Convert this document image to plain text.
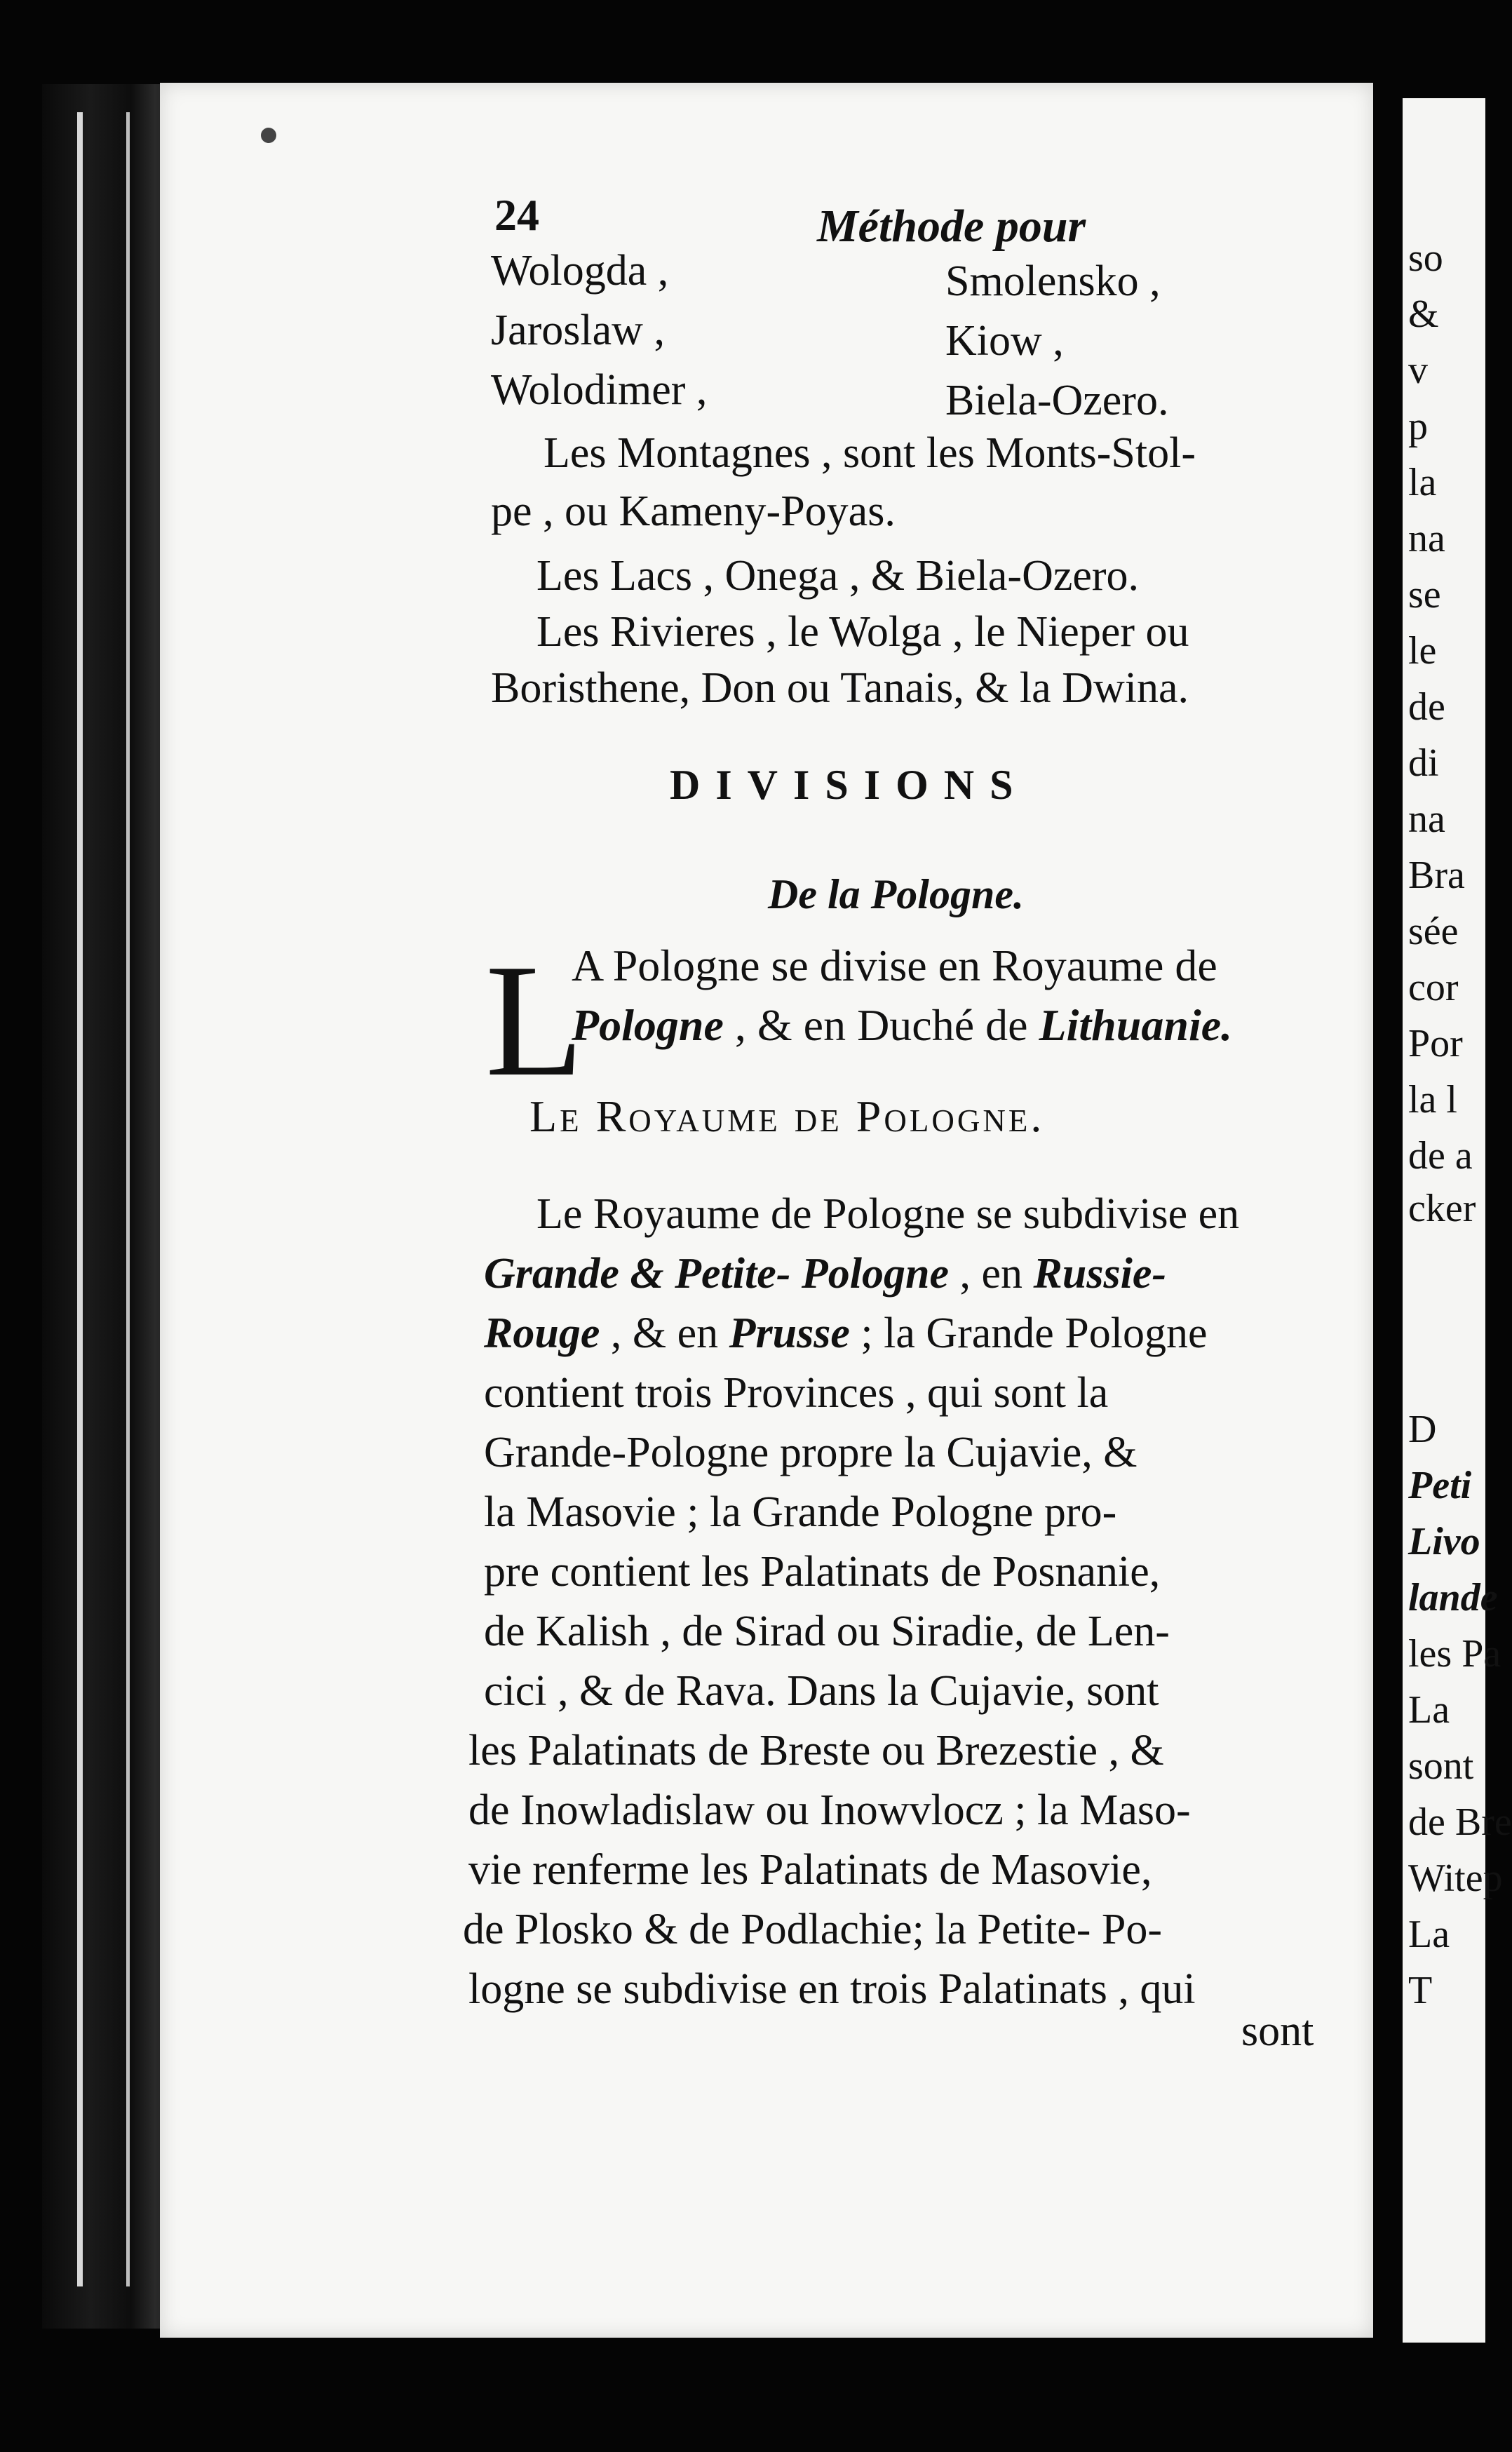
24	Méthode pour
Wologda ,
Jaroslaw ,
Wolodimer ,
Smolensko ,
Kiow ,
Biela-Ozero.
Les Montagnes , sont les Monts-Stol-
pe , ou Kameny-Poyas.
Les Lacs , Onega , & Biela-Ozero.
Les Rivieres , le Wolga , le Nieper ou
Boristhene, Don ou Tanais, & la Dwina.
DIVISIONS
De la Pologne.
L
A Pologne se divise en Royaume de
Pologne , & en Duché de Lithuanie.
Le Royaume de Pologne.
Le Royaume de Pologne se subdivise en
Grande & Petite- Pologne , en Russie-
Rouge , & en Prusse ; la Grande Pologne
contient trois Provinces , qui sont la
Grande-Pologne propre la Cujavie, &
la Masovie ; la Grande Pologne pro-
pre contient les Palatinats de Posnanie,
de Kalish , de Sirad ou Siradie, de Len-
cici , & de Rava. Dans la Cujavie, sont
les Palatinats de Breste ou Brezestie , &
de Inowladislaw ou Inowvlocz ; la Maso-
vie renferme les Palatinats de Masovie,
de Plosko & de Podlachie; la Petite- Po-
logne se subdivise en trois Palatinats , qui
sont
so
&
v
p
la
na
se
le
de
di
na
Bra
sée
cor
Por
la l
de a
cker
D
Peti
Livo
lande
les Pa
La
sont
de Bre
Witep
La
T
